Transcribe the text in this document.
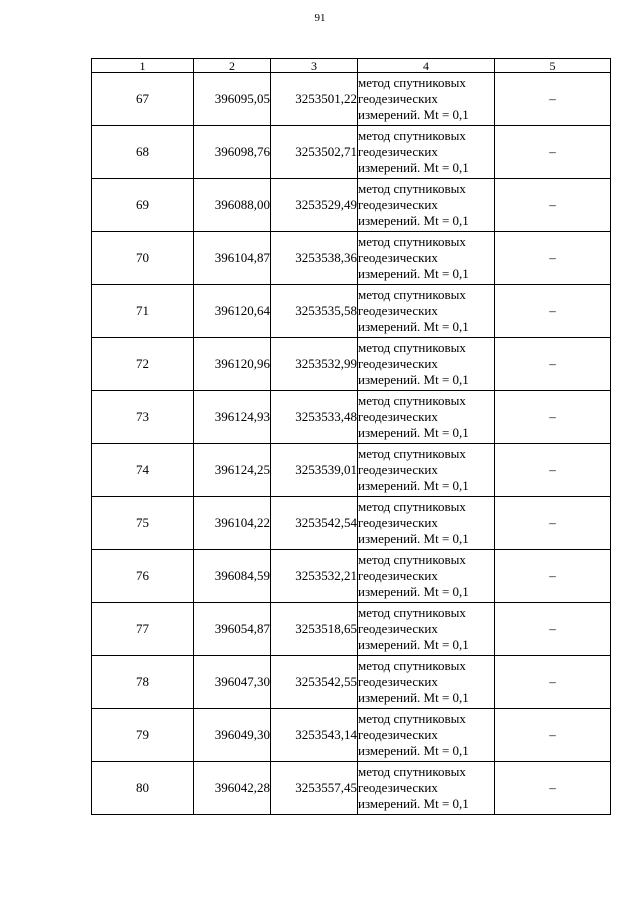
91
1	2	3	4	5
67	396095,05	3253501,22	метод спутниковых
геодезических
измерений. Mt = 0,1	–
68	396098,76	3253502,71	метод спутниковых
геодезических
измерений. Mt = 0,1	–
69	396088,00	3253529,49	метод спутниковых
геодезических
измерений. Mt = 0,1	–
70	396104,87	3253538,36	метод спутниковых
геодезических
измерений. Mt = 0,1	–
71	396120,64	3253535,58	метод спутниковых
геодезических
измерений. Mt = 0,1	–
72	396120,96	3253532,99	метод спутниковых
геодезических
измерений. Mt = 0,1	–
73	396124,93	3253533,48	метод спутниковых
геодезических
измерений. Mt = 0,1	–
74	396124,25	3253539,01	метод спутниковых
геодезических
измерений. Mt = 0,1	–
75	396104,22	3253542,54	метод спутниковых
геодезических
измерений. Mt = 0,1	–
76	396084,59	3253532,21	метод спутниковых
геодезических
измерений. Mt = 0,1	–
77	396054,87	3253518,65	метод спутниковых
геодезических
измерений. Mt = 0,1	–
78	396047,30	3253542,55	метод спутниковых
геодезических
измерений. Mt = 0,1	–
79	396049,30	3253543,14	метод спутниковых
геодезических
измерений. Mt = 0,1	–
80	396042,28	3253557,45	метод спутниковых
геодезических
измерений. Mt = 0,1	–
